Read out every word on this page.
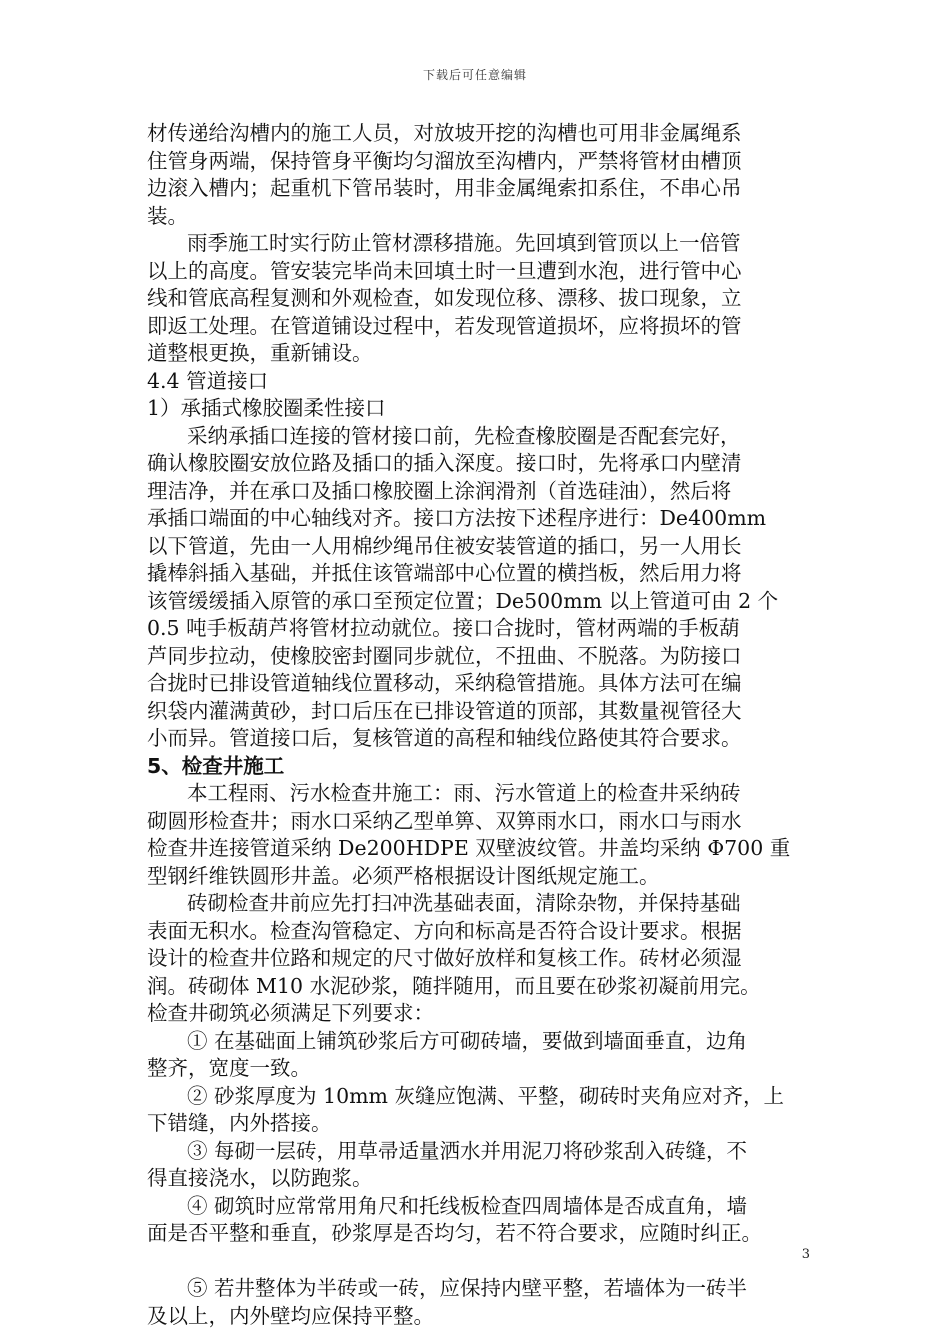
下载后可任意编辑
材传递给沟槽内的施工人员，对放坡开挖的沟槽也可用非金属绳系
住管身两端，保持管身平衡均匀溜放至沟槽内，严禁将管材由槽顶
边滚入槽内；起重机下管吊装时，用非金属绳索扣系住，不串心吊
装。
雨季施工时实行防止管材漂移措施。先回填到管顶以上一倍管
以上的高度。管安装完毕尚未回填土时一旦遭到水泡，进行管中心
线和管底高程复测和外观检查，如发现位移、漂移、拔口现象，立
即返工处理。在管道铺设过程中，若发现管道损坏，应将损坏的管
道整根更换，重新铺设。
4.4 管道接口
1）承插式橡胶圈柔性接口
采纳承插口连接的管材接口前，先检查橡胶圈是否配套完好，
确认橡胶圈安放位路及插口的插入深度。接口时，先将承口内壁清
理洁净，并在承口及插口橡胶圈上涂润滑剂（首选硅油），然后将
承插口端面的中心轴线对齐。接口方法按下述程序进行：De400mm
以下管道，先由一人用棉纱绳吊住被安装管道的插口，另一人用长
撬棒斜插入基础，并抵住该管端部中心位置的横挡板，然后用力将
该管缓缓插入原管的承口至预定位置；De500mm 以上管道可由 2 个
0.5 吨手板葫芦将管材拉动就位。接口合拢时，管材两端的手板葫
芦同步拉动，使橡胶密封圈同步就位，不扭曲、不脱落。为防接口
合拢时已排设管道轴线位置移动，采纳稳管措施。具体方法可在编
织袋内灌满黄砂，封口后压在已排设管道的顶部，其数量视管径大
小而异。管道接口后，复核管道的高程和轴线位路使其符合要求。
5、检查井施工
本工程雨、污水检查井施工：雨、污水管道上的检查井采纳砖
砌圆形检查井；雨水口采纳乙型单箅、双箅雨水口，雨水口与雨水
检查井连接管道采纳 De200HDPE 双壁波纹管。井盖均采纳 Φ700 重
型钢纤维铁圆形井盖。必须严格根据设计图纸规定施工。
砖砌检查井前应先打扫冲洗基础表面，清除杂物，并保持基础
表面无积水。检查沟管稳定、方向和标高是否符合设计要求。根据
设计的检查井位路和规定的尺寸做好放样和复核工作。砖材必须湿
润。砖砌体 M10 水泥砂浆，随拌随用，而且要在砂浆初凝前用完。
检查井砌筑必须满足下列要求：
① 在基础面上铺筑砂浆后方可砌砖墙，要做到墙面垂直，边角
整齐，宽度一致。
② 砂浆厚度为 10mm 灰缝应饱满、平整，砌砖时夹角应对齐，上
下错缝，内外搭接。
③ 每砌一层砖，用草帚适量洒水并用泥刀将砂浆刮入砖缝，不
得直接浇水，以防跑浆。
④ 砌筑时应常常用角尺和托线板检查四周墙体是否成直角，墙
面是否平整和垂直，砂浆厚是否均匀，若不符合要求，应随时纠正。
⑤ 若井整体为半砖或一砖，应保持内壁平整，若墙体为一砖半
及以上，内外壁均应保持平整。
3
